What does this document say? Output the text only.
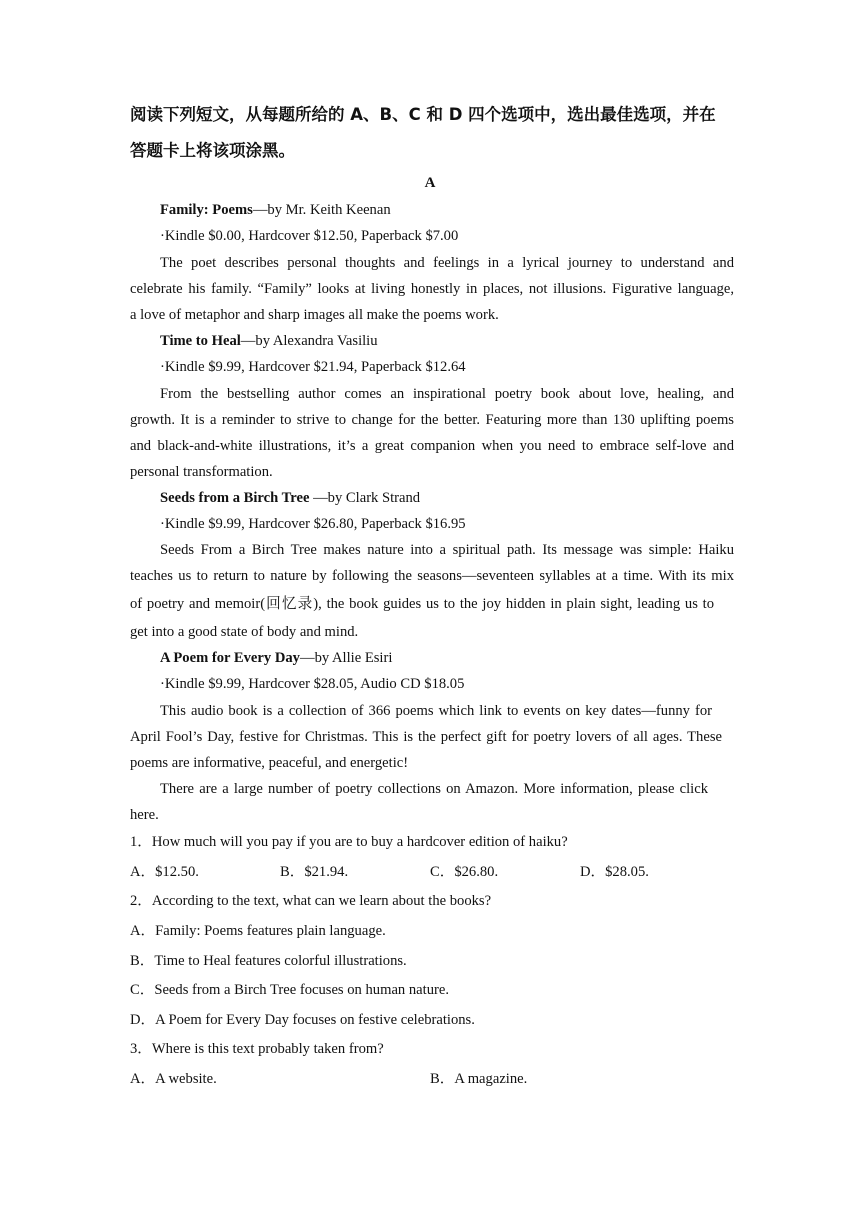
阅读下列短文，从每题所给的 A、B、C 和 D 四个选项中，选出最佳选项，并在
答题卡上将该项涂黑。
A
Family: Poems—by Mr. Keith Keenan
·Kindle $0.00, Hardcover $12.50, Paperback $7.00
The poet describes personal thoughts and feelings in a lyrical journey to understand and
celebrate his family. “Family” looks at living honestly in places, not illusions. Figurative language,
a love of metaphor and sharp images all make the poems work.
Time to Heal—by Alexandra Vasiliu
·Kindle $9.99, Hardcover $21.94, Paperback $12.64
From the bestselling author comes an inspirational poetry book about love, healing, and
growth. It is a reminder to strive to change for the better. Featuring more than 130 uplifting poems
and black-and-white illustrations, it’s a great companion when you need to embrace self-love and
personal transformation.
Seeds from a Birch Tree —by Clark Strand
·Kindle $9.99, Hardcover $26.80, Paperback $16.95
Seeds From a Birch Tree makes nature into a spiritual path. Its message was simple: Haiku
teaches us to return to nature by following the seasons—seventeen syllables at a time. With its mix
of poetry and memoir(回忆录), the book guides us to the joy hidden in plain sight, leading us to
get into a good state of body and mind.
A Poem for Every Day—by Allie Esiri
·Kindle $9.99, Hardcover $28.05, Audio CD $18.05
This audio book is a collection of 366 poems which link to events on key dates—funny for
April Fool’s Day, festive for Christmas. This is the perfect gift for poetry lovers of all ages. These
poems are informative, peaceful, and energetic!
There are a large number of poetry collections on Amazon. More information, please click
here.
1．How much will you pay if you are to buy a hardcover edition of haiku?
A．$12.50.	B．$21.94.	C．$26.80.	D．$28.05.
2．According to the text, what can we learn about the books?
A．Family: Poems features plain language.
B．Time to Heal features colorful illustrations.
C．Seeds from a Birch Tree focuses on human nature.
D．A Poem for Every Day focuses on festive celebrations.
3．Where is this text probably taken from?
A．A website.	B．A magazine.
